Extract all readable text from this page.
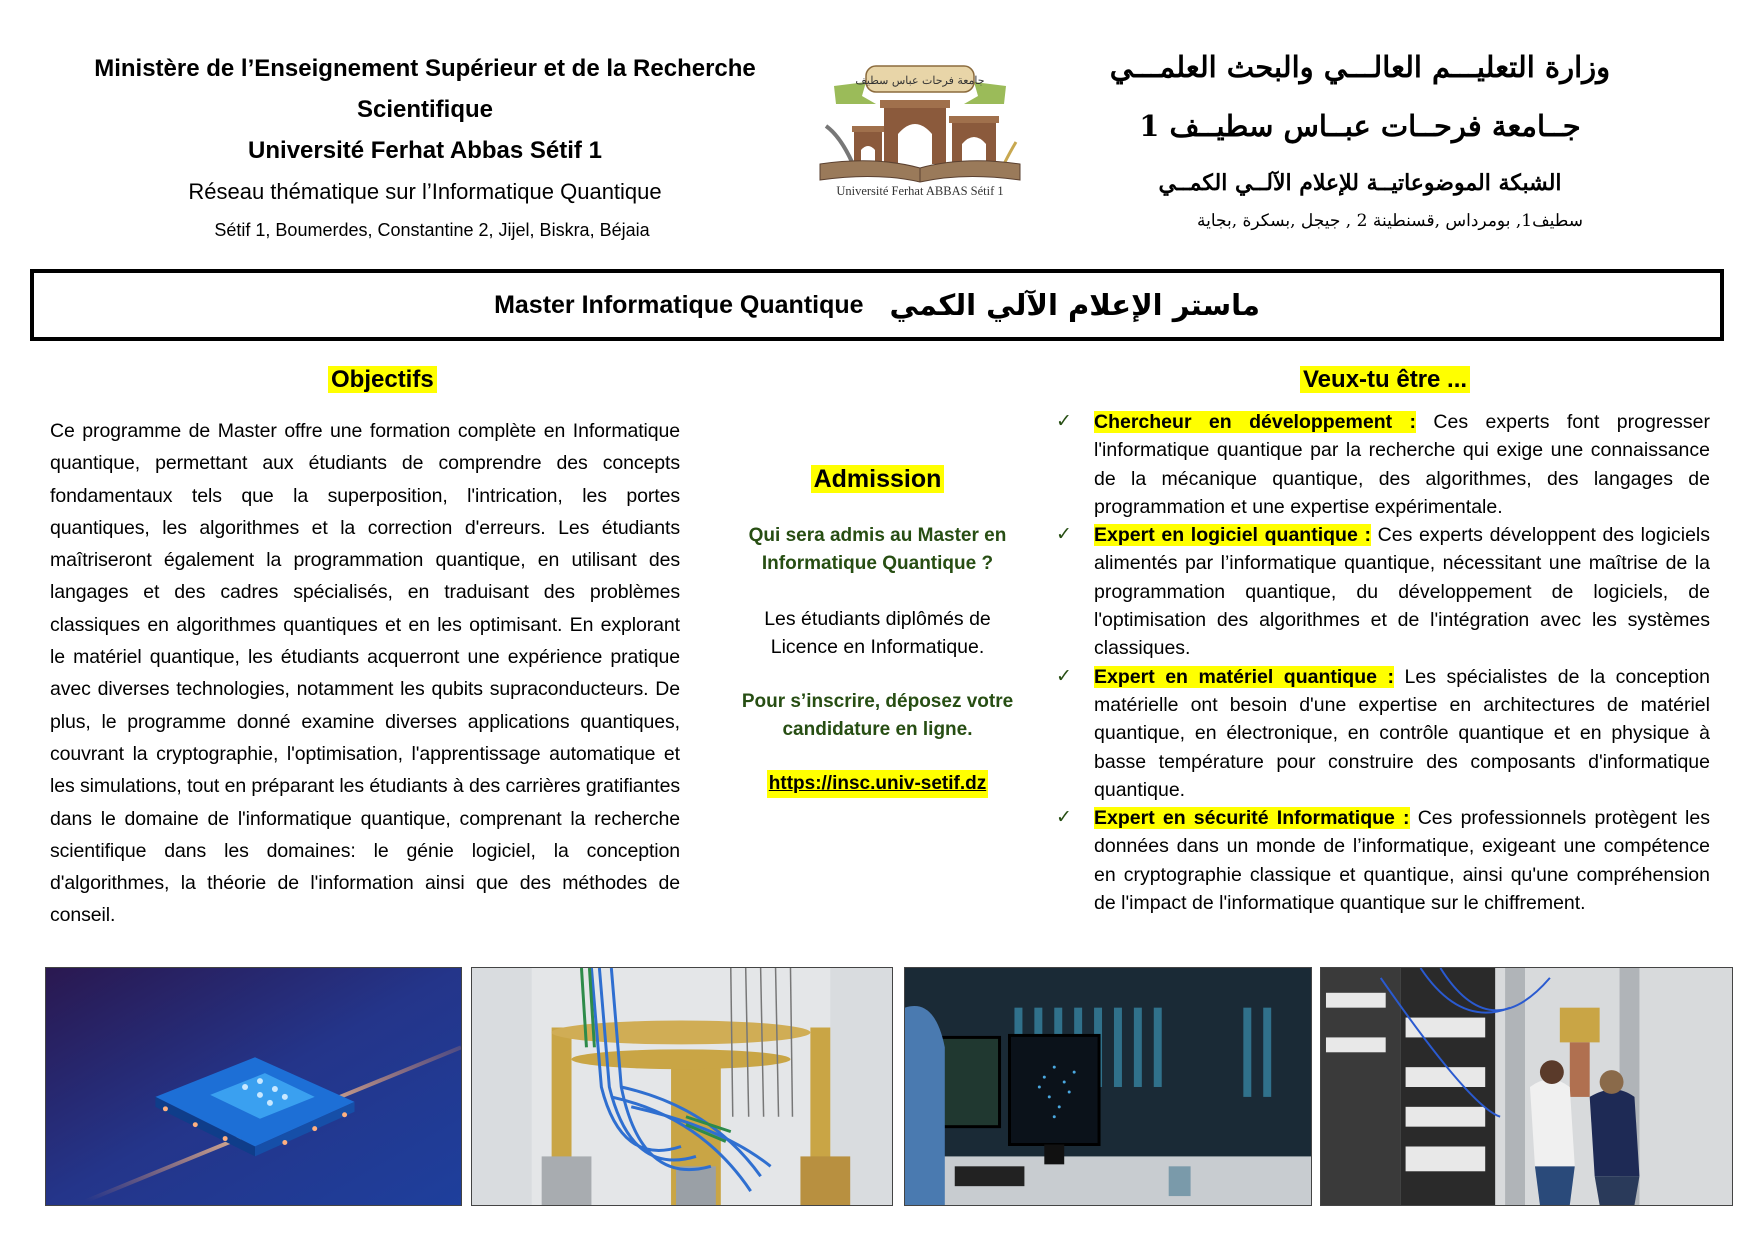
Ministère de l’Enseignement Supérieur et de la Recherche
Scientifique
Université Ferhat Abbas Sétif 1
Réseau thématique sur l’Informatique Quantique
Sétif 1, Boumerdes, Constantine 2, Jijel, Biskra, Béjaia
جامعة فرحات عباس سطيف
Université Ferhat ABBAS Sétif 1
وزارة التعليـــم العالـــي والبحث العلمـــي
جــامعة فرحــات عبــاس سطيــف 1
الشبكة الموضوعاتيــة للإعلام الآلــي الكمــي
سطيف1, بومرداس ,قسنطينة 2 , جيجل ,بسكرة ,بجاية
Master Informatique Quantique ماستر الإعلام الآلي الكمي
Objectifs
Ce programme de Master offre une formation complète en Informatique quantique, permettant aux étudiants de comprendre des concepts fondamentaux tels que la superposition, l'intrication, les portes quantiques, les algorithmes et la correction d'erreurs. Les étudiants maîtriseront également la programmation quantique, en utilisant des langages et des cadres spécialisés, en traduisant des problèmes classiques en algorithmes quantiques et en les optimisant. En explorant le matériel quantique, les étudiants acquerront une expérience pratique avec diverses technologies, notamment les qubits supraconducteurs. De plus, le programme donné examine diverses applications quantiques, couvrant la cryptographie, l'optimisation, l'apprentissage automatique et les simulations, tout en préparant les étudiants à des carrières gratifiantes dans le domaine de l'informatique quantique, comprenant la recherche scientifique dans les domaines: le génie logiciel, la conception d'algorithmes, la théorie de l'information ainsi que des méthodes de conseil.
Admission
Qui sera admis au Master en Informatique Quantique ?
Les étudiants diplômés de Licence en Informatique.
Pour s’inscrire, déposez votre candidature en ligne.
https://insc.univ-setif.dz
Veux-tu être ...
✓ Chercheur en développement : Ces experts font progresser l'informatique quantique par la recherche qui exige une connaissance de la mécanique quantique, des algorithmes, des langages de programmation et une expertise expérimentale.
✓ Expert en logiciel quantique : Ces experts développent des logiciels alimentés par l’informatique quantique, nécessitant une maîtrise de la programmation quantique, du développement de logiciels, de l'optimisation des algorithmes et de l'intégration avec les systèmes classiques.
✓ Expert en matériel quantique : Les spécialistes de la conception matérielle ont besoin d'une expertise en architectures de matériel quantique, en électronique, en contrôle quantique et en physique à basse température pour construire des composants d'informatique quantique.
✓ Expert en sécurité Informatique : Ces professionnels protègent les données dans un monde de l’informatique, exigeant une compétence en cryptographie classique et quantique, ainsi qu'une compréhension de l'impact de l'informatique quantique sur le chiffrement.
